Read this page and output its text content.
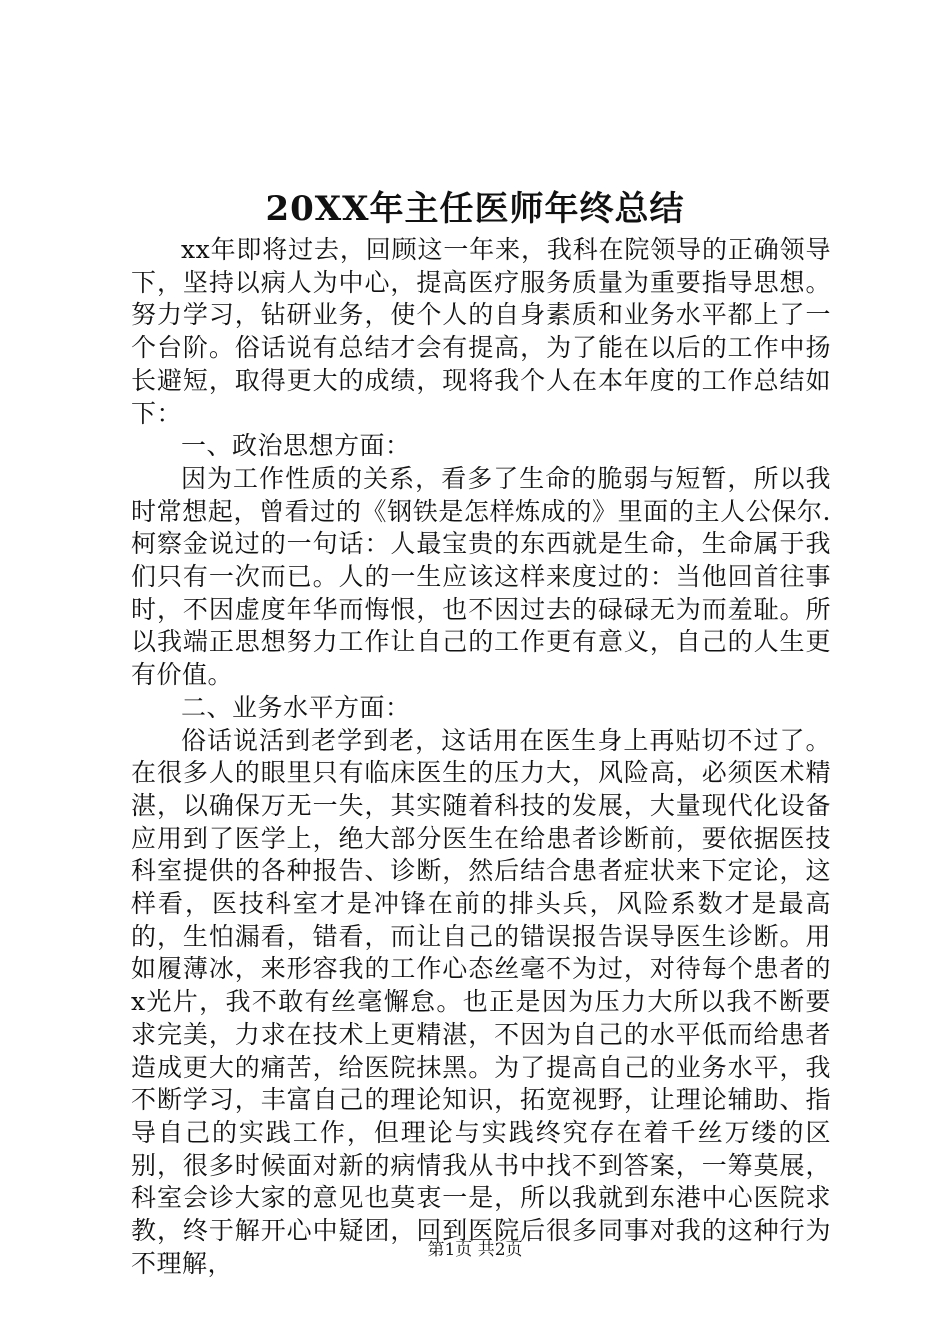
20XX年主任医师年终总结

xx年即将过去，回顾这一年来，我科在院领导的正确领导下，坚持以病人为中心，提高医疗服务质量为重要指导思想。努力学习，钻研业务，使个人的自身素质和业务水平都上了一个台阶。俗话说有总结才会有提高，为了能在以后的工作中扬长避短，取得更大的成绩，现将我个人在本年度的工作总结如下：

一、政治思想方面：

因为工作性质的关系，看多了生命的脆弱与短暂，所以我时常想起，曾看过的《钢铁是怎样炼成的》里面的主人公保尔.柯察金说过的一句话：人最宝贵的东西就是生命，生命属于我们只有一次而已。人的一生应该这样来度过的：当他回首往事时，不因虚度年华而悔恨，也不因过去的碌碌无为而羞耻。所以我端正思想努力工作让自己的工作更有意义，自己的人生更有价值。

二、业务水平方面：

俗话说活到老学到老，这话用在医生身上再贴切不过了。在很多人的眼里只有临床医生的压力大，风险高，必须医术精湛，以确保万无一失，其实随着科技的发展，大量现代化设备应用到了医学上，绝大部分医生在给患者诊断前，要依据医技科室提供的各种报告、诊断，然后结合患者症状来下定论，这样看，医技科室才是冲锋在前的排头兵，风险系数才是最高的，生怕漏看，错看，而让自己的错误报告误导医生诊断。用如履薄冰，来形容我的工作心态丝毫不为过，对待每个患者的x光片，我不敢有丝毫懈怠。也正是因为压力大所以我不断要求完美，力求在技术上更精湛，不因为自己的水平低而给患者造成更大的痛苦，给医院抹黑。为了提高自己的业务水平，我不断学习，丰富自己的理论知识，拓宽视野，让理论辅助、指导自己的实践工作，但理论与实践终究存在着千丝万缕的区别，很多时候面对新的病情我从书中找不到答案，一筹莫展，科室会诊大家的意见也莫衷一是，所以我就到东港中心医院求教，终于解开心中疑团，回到医院后很多同事对我的这种行为不理解，	第1页 共2页
